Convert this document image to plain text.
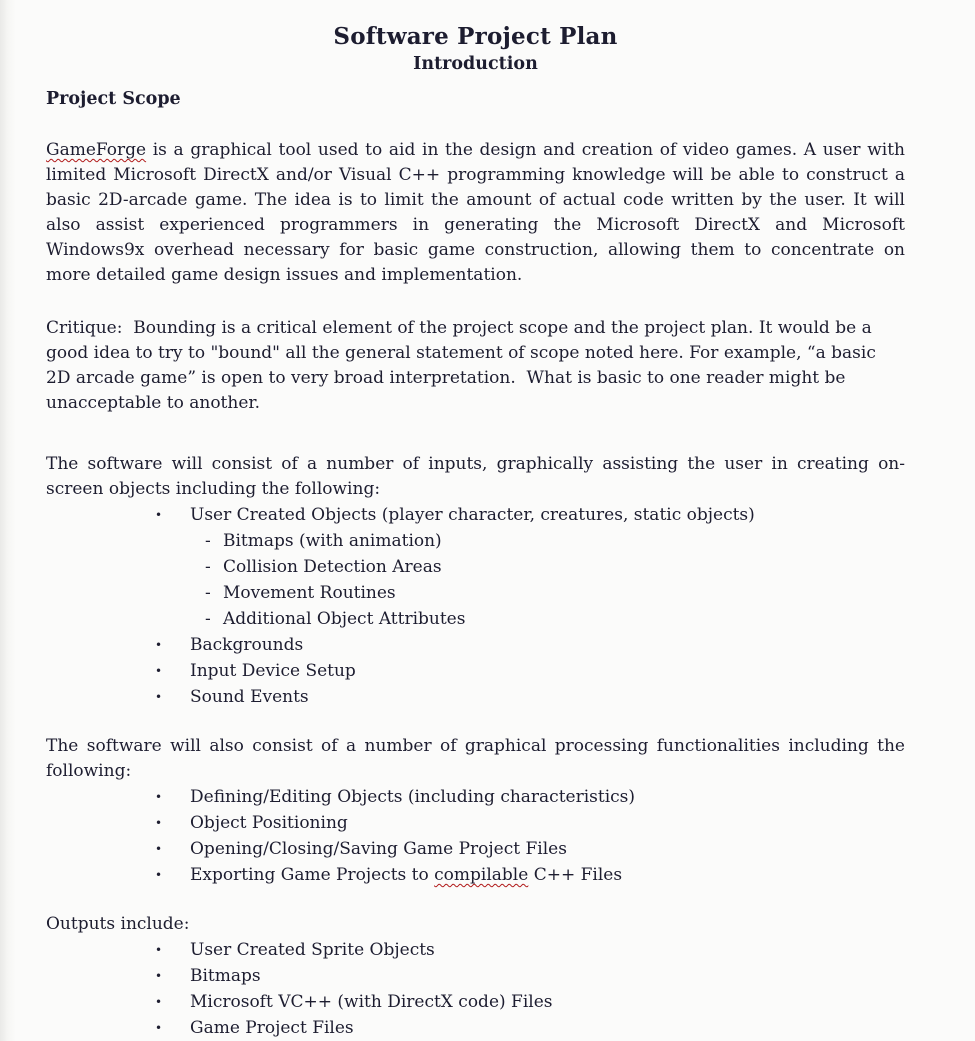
Software Project Plan
Introduction
Project Scope

GameForge is a graphical tool used to aid in the design and creation of video games. A user with limited Microsoft DirectX and/or Visual C++ programming knowledge will be able to construct a basic 2D-arcade game. The idea is to limit the amount of actual code written by the user. It will also assist experienced programmers in generating the Microsoft DirectX and Microsoft Windows9x overhead necessary for basic game construction, allowing them to concentrate on more detailed game design issues and implementation.

Critique:  Bounding is a critical element of the project scope and the project plan. It would be a good idea to try to "bound" all the general statement of scope noted here. For example, “a basic 2D arcade game” is open to very broad interpretation.  What is basic to one reader might be unacceptable to another.

The software will consist of a number of inputs, graphically assisting the user in creating on-screen objects including the following:

• User Created Objects (player character, creatures, static objects)
- Bitmaps (with animation)
- Collision Detection Areas
- Movement Routines
- Additional Object Attributes
• Backgrounds
• Input Device Setup
• Sound Events

The software will also consist of a number of graphical processing functionalities including the following:

• Defining/Editing Objects (including characteristics)
• Object Positioning
• Opening/Closing/Saving Game Project Files
• Exporting Game Projects to compilable C++ Files

Outputs include:

• User Created Sprite Objects
• Bitmaps
• Microsoft VC++ (with DirectX code) Files
• Game Project Files
